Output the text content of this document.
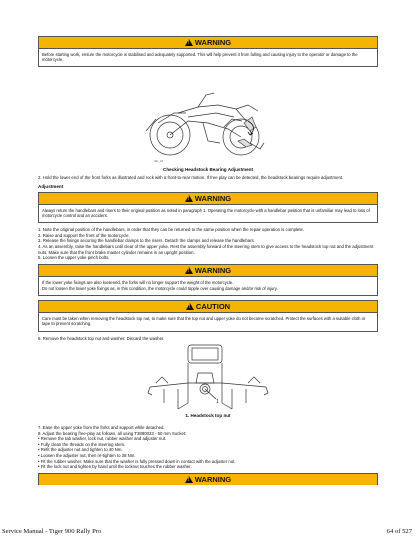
!
WARNING

Before starting work, ensure the motorcycle is stabilised and adequately supported. This will help prevent it from falling and causing injury to the operator or damage to the motorcycle.

tab_44
Checking Headstock Bearing Adjustment

2. Hold the lower end of the front forks as illustrated and rock with a front-to-rear motion. If free play can be detected, the headstock bearings require adjustment.

Adjustment
!
WARNING

Always return the handlebars and risers to their original position as noted in paragraph 1. Operating the motorcycle with a handlebar position that is unfamiliar may lead to loss of motorcycle control and an accident.

1. Note the original position of the handlebars, in order that they can be returned to the same position when the repair operation is complete.
2. Raise and support the front of the motorcycle.
3. Release the fixings securing the handlebar clamps to the risers. Detach the clamps and release the handlebars.
4. As an assembly, raise the handlebars until clear of the upper yoke. Rest the assembly forward of the steering stem to give access to the headstock top nut and the adjustment nuts. Make sure that the front brake master cylinder remains in an upright position.
5. Loosen the upper yoke pinch bolts.
!
WARNING

If the lower yoke fixings are also loosened, the forks will no longer support the weight of the motorcycle.

Do not loosen the lower yoke fixings as, in this condition, the motorcycle could topple over causing damage and/or risk of injury.

!
CAUTION

Care must be taken when removing the headstock top nut, to make sure that the top nut and upper yoke do not become scratched. Protect the surfaces with a suitable cloth or tape to prevent scratching.

6. Remove the headstock top nut and washer. Discard the washer.

1
1. Headstock top nut
7. Ease the upper yoke from the forks and support while detached.
8. Adjust the bearing free-play as follows, all using T3880023 - 50 mm Socket:
• Remove the tab washer, lock nut, rubber washer and adjuster nut.
• Fully clean the threads on the steering stem.
• Refit the adjuster nut and tighten to 40 Nm.
• Loosen the adjuster nut, then re-tighten to 38 Nm.
• Fit the rubber washer. Make sure that the washer is fully pressed down in contact with the adjuster nut.
• Fit the lock nut and tighten by hand until the locknut touches the rubber washer.
!
WARNING
Service Manual - Tiger 900 Rally Pro	64 of 527
